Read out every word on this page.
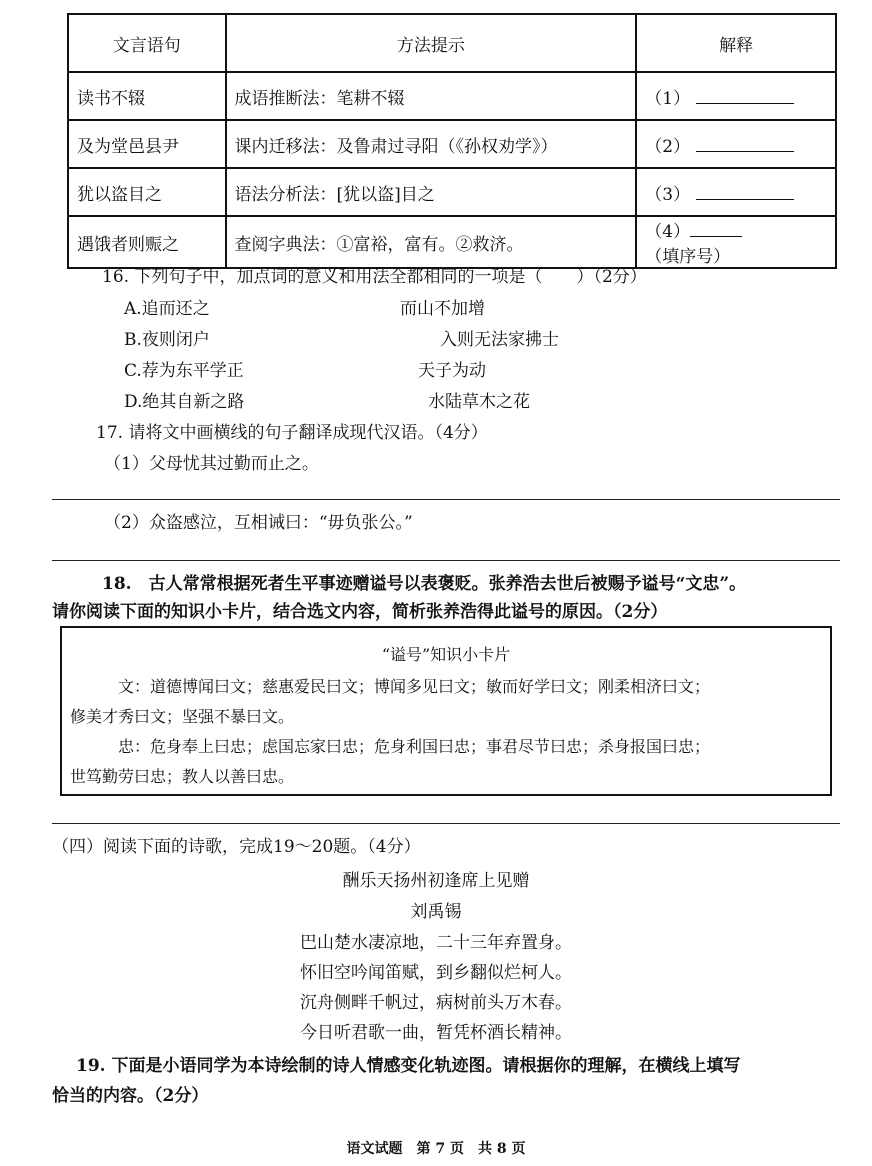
文言语句	方法提示	解释
读书不辍	成语推断法：笔耕不辍	（1）
及为堂邑县尹	课内迁移法：及鲁肃过寻阳（《孙权劝学》）	（2）
犹以盗目之	语法分析法：[犹以盗]目之	（3）
遇饿者则赈之	查阅字典法：①富裕，富有。②救济。	（4）（填序号）
16. 下列句子中，加点词的意义和用法全都相同的一项是（　　）（2分）
A.追而还之	而山不加增
B.夜则闭户	入则无法家拂士
C.荐为东平学正	天子为动
D.绝其自新之路	水陆草木之花
17. 请将文中画横线的句子翻译成现代汉语。（4分）
（1）父母忧其过勤而止之。
（2）众盗感泣，互相诫曰：“毋负张公。”
18.　古人常常根据死者生平事迹赠谥号以表褒贬。张养浩去世后被赐予谥号“文忠”。
请你阅读下面的知识小卡片，结合选文内容，简析张养浩得此谥号的原因。（2分）
“谥号”知识小卡片
文：道德博闻曰文；慈惠爱民曰文；博闻多见曰文；敏而好学曰文；刚柔相济曰文；
修美才秀曰文；坚强不暴曰文。
忠：危身奉上曰忠；虑国忘家曰忠；危身利国曰忠；事君尽节曰忠；杀身报国曰忠；
世笃勤劳曰忠；教人以善曰忠。
（四）阅读下面的诗歌，完成19～20题。（4分）
酬乐天扬州初逢席上见赠
刘禹锡
巴山楚水凄凉地，二十三年弃置身。
怀旧空吟闻笛赋，到乡翻似烂柯人。
沉舟侧畔千帆过，病树前头万木春。
今日听君歌一曲，暂凭杯酒长精神。
19. 下面是小语同学为本诗绘制的诗人情感变化轨迹图。请根据你的理解，在横线上填写
恰当的内容。（2分）
语文试题　第 7 页　共 8 页
